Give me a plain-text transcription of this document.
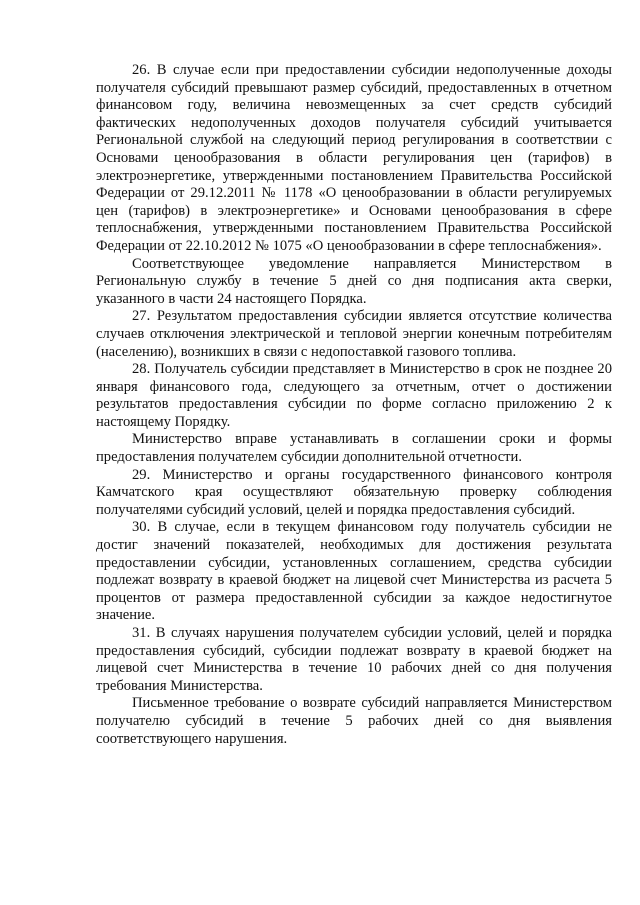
26. В случае если при предоставлении субсидии недополученные доходы получателя субсидий превышают размер субсидий, предоставленных в отчетном финансовом году, величина невозмещенных за счет средств субсидий фактических недополученных доходов получателя субсидий учитывается Региональной службой на следующий период регулирования в соответствии с Основами ценообразования в области регулирования цен (тарифов) в электроэнергетике, утвержденными постановлением Правительства Российской Федерации от 29.12.2011 № 1178 «О ценообразовании в области регулируемых цен (тарифов) в электроэнергетике» и Основами ценообразования в сфере теплоснабжения, утвержденными постановлением Правительства Российской Федерации от 22.10.2012 № 1075 «О ценообразовании в сфере теплоснабжения».

Соответствующее уведомление направляется Министерством в Региональную службу в течение 5 дней со дня подписания акта сверки, указанного в части 24 настоящего Порядка.

27. Результатом предоставления субсидии является отсутствие количества случаев отключения электрической и тепловой энергии конечным потребителям (населению), возникших в связи с недопоставкой газового топлива.

28. Получатель субсидии представляет в Министерство в срок не позднее 20 января финансового года, следующего за отчетным, отчет о достижении результатов предоставления субсидии по форме согласно приложению 2 к настоящему Порядку.

Министерство вправе устанавливать в соглашении сроки и формы предоставления получателем субсидии дополнительной отчетности.

29. Министерство и органы государственного финансового контроля Камчатского края осуществляют обязательную проверку соблюдения получателями субсидий условий, целей и порядка предоставления субсидий.

30. В случае, если в текущем финансовом году получатель субсидии не достиг значений показателей, необходимых для достижения результата предоставлении субсидии, установленных соглашением, средства субсидии подлежат возврату в краевой бюджет на лицевой счет Министерства из расчета 5 процентов от размера предоставленной субсидии за каждое недостигнутое значение.

31. В случаях нарушения получателем субсидии условий, целей и порядка предоставления субсидий, субсидии подлежат возврату в краевой бюджет на лицевой счет Министерства в течение 10 рабочих дней со дня получения требования Министерства.

Письменное требование о возврате субсидий направляется Министерством получателю субсидий в течение 5 рабочих дней со дня выявления соответствующего нарушения.
